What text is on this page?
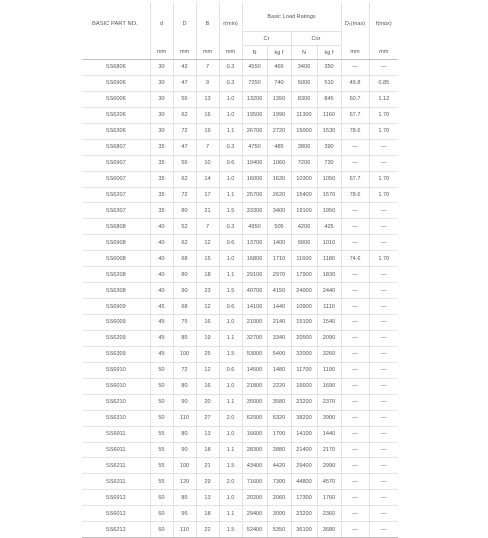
BASIC PART NO.	d	D	B	r(min)	Basic Load Ratings				D₁(max)	f(max)
					Cr		Cor			
	mm	mm	mm	mm	N	kg f	N	kg f	mm	mm
SS6806	30	42	7	0.3	4550	465	3400	350	—	—
SS6906	30	47	9	0.3	7250	740	5000	510	49.8	0.85
SS6006	30	55	13	1.0	13200	1350	8300	845	60.7	1.12
SS6206	30	62	16	1.0	19500	1990	11300	1160	67.7	1.70
SS6306	30	72	19	1.1	26700	2720	15000	1530	78.6	1.70
SS6807	35	47	7	0.3	4750	485	3800	390	—	—
SS6907	35	55	10	0.6	10400	1060	7200	730	—	—
SS6007	35	62	14	1.0	16000	1630	10300	1050	67.7	1.70
SS6207	35	72	17	1.1	25700	2620	15400	1570	78.6	1.70
SS6307	35	80	21	1.5	33300	3400	19100	1950	—	—
SS6808	40	52	7	0.3	4950	505	4200	425	—	—
SS6908	40	62	12	0.6	13700	1400	9900	1010	—	—
SS6008	40	68	15	1.0	16800	1710	11600	1180	74.6	1.70
SS6208	40	80	18	1.1	29100	2970	17900	1830	—	—
SS6308	40	90	23	1.5	40700	4150	24000	2440	—	—
SS6909	45	68	12	0.6	14100	1440	10900	1110	—	—
SS6009	45	75	16	1.0	21000	2140	15100	1540	—	—
SS6209	45	85	19	1.1	32700	3340	20500	2090	—	—
SS6309	45	100	25	1.5	53000	5400	32000	3260	—	—
SS6910	50	72	12	0.6	14500	1480	11700	1190	—	—
SS6010	50	80	16	1.0	21800	2220	16600	1690	—	—
SS6210	50	90	20	1.1	35000	3580	23200	2370	—	—
SS6310	50	110	27	2.0	62000	6320	38200	3900	—	—
SS6911	55	80	13	1.0	16600	1700	14100	1440	—	—
SS6011	55	90	18	1.1	28300	2880	21400	2170	—	—
SS6211	55	100	21	1.5	43400	4420	29400	2990	—	—
SS6311	55	120	29	2.0	71600	7300	44800	4570	—	—
SS6912	60	85	13	1.0	20200	2060	17300	1760	—	—
SS6012	60	95	18	1.1	29400	3000	23200	2360	—	—
SS6212	60	110	22	1.5	52400	5350	36100	3680	—	—
